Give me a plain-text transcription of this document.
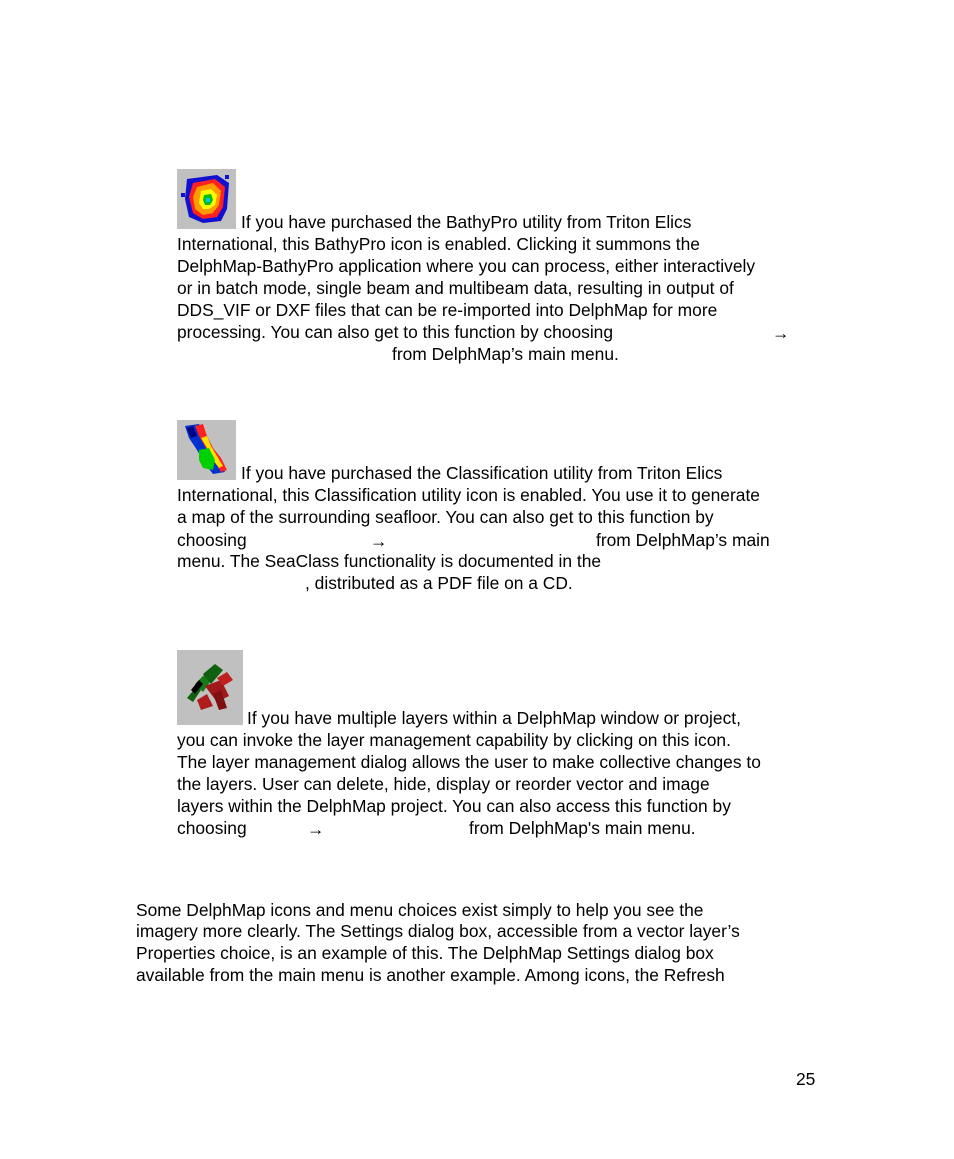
If you have purchased the BathyPro utility from Triton Elics
International, this BathyPro icon is enabled. Clicking it summons the
DelphMap-BathyPro application where you can process, either interactively
or in batch mode, single beam and multibeam data, resulting in output of
DDS_VIF or DXF files that can be re-imported into DelphMap for more
processing. You can also get to this function by choosing	→
from DelphMap’s main menu.
If you have purchased the Classification utility from Triton Elics
International, this Classification utility icon is enabled. You use it to generate
a map of the surrounding seafloor. You can also get to this function by
choosing	→	from DelphMap’s main
menu. The SeaClass functionality is documented in the
, distributed as a PDF file on a CD.
If you have multiple layers within a DelphMap window or project,
you can invoke the layer management capability by clicking on this icon.
The layer management dialog allows the user to make collective changes to
the layers. User can delete, hide, display or reorder vector and image
layers within the DelphMap project. You can also access this function by
choosing	→	from DelphMap's main menu.
Some DelphMap icons and menu choices exist simply to help you see the
imagery more clearly. The Settings dialog box, accessible from a vector layer’s
Properties choice, is an example of this. The DelphMap Settings dialog box
available from the main menu is another example. Among icons, the Refresh
25
